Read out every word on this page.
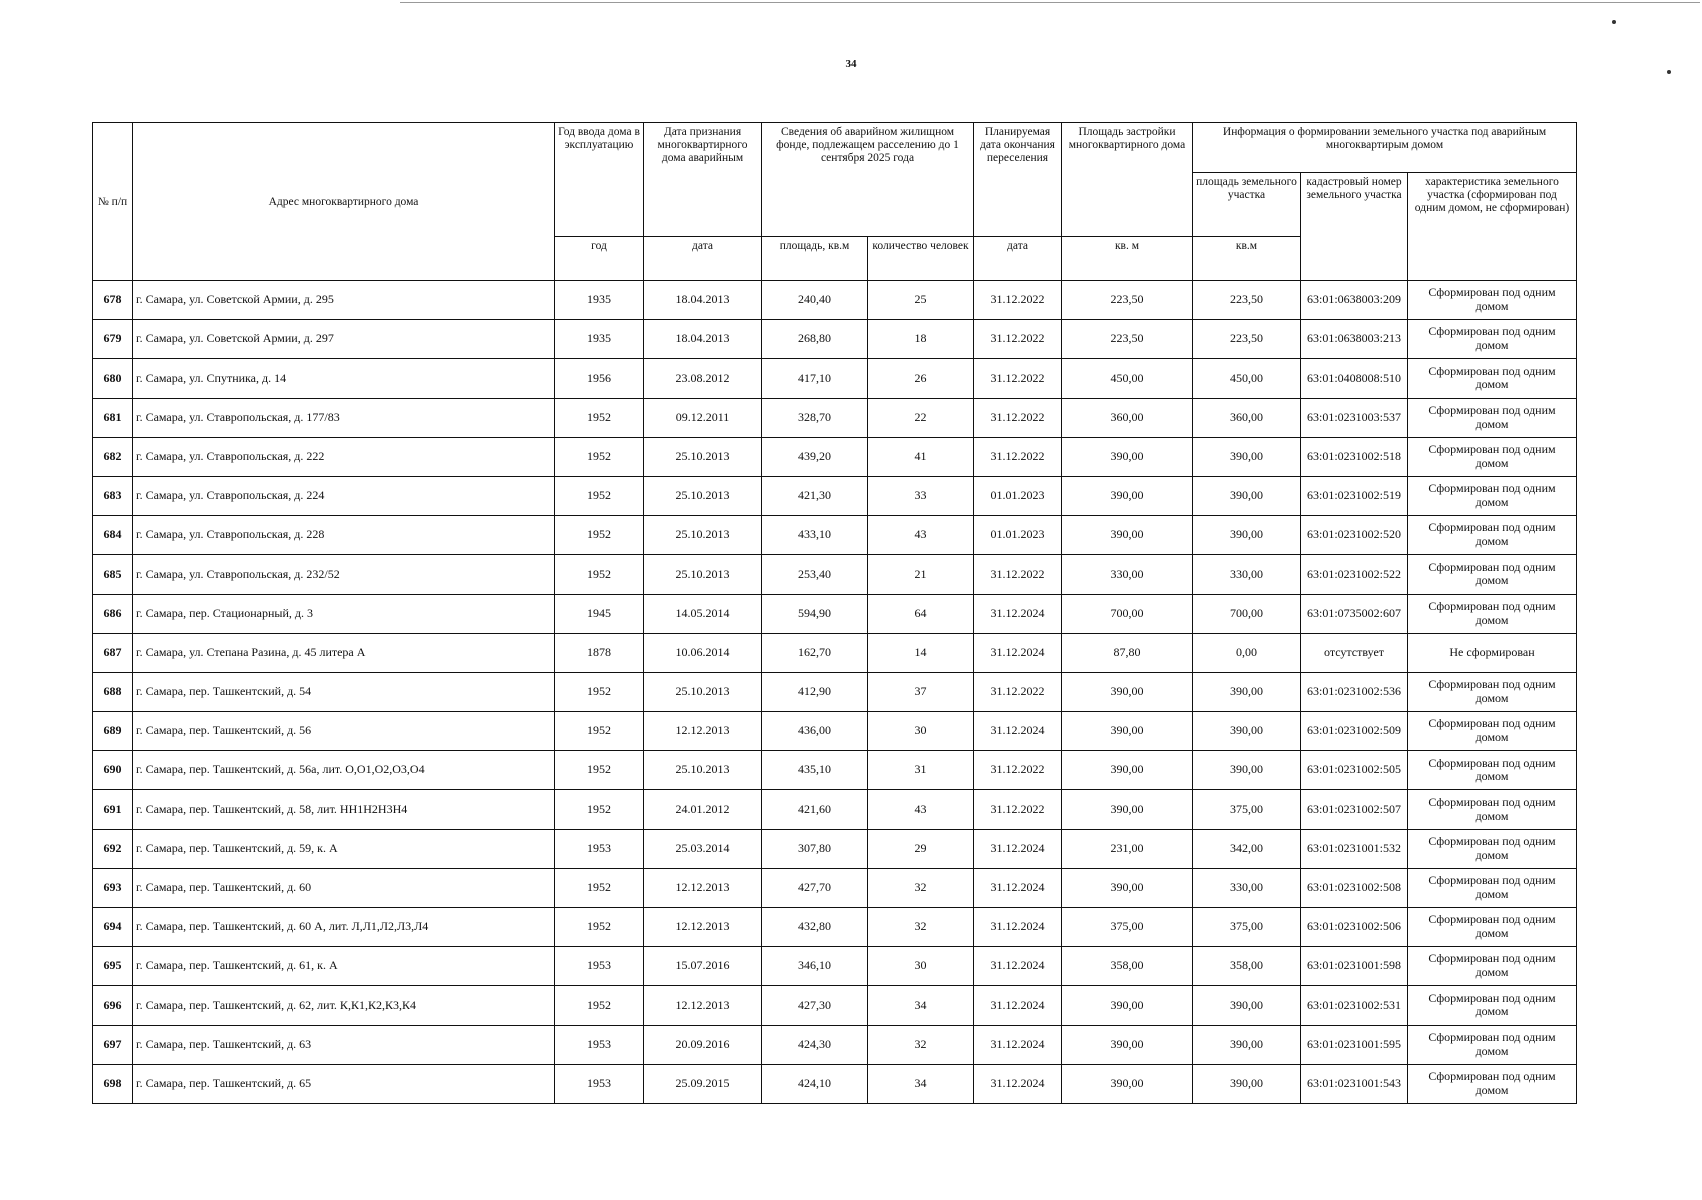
34
№ п/п	Адрес многоквартирного дома	Год ввода дома в эксплуатацию	Дата признания многоквартирного дома аварийным	Сведения об аварийном жилищном фонде, подлежащем расселению до 1 сентября 2025 года		Планируемая дата окончания переселения	Площадь застройки многоквартирного дома	Информация о формировании земельного участка под аварийным многоквартирым домом		
								площадь земельного участка	кадастровый номер земельного участка	характеристика земельного участка (сформирован под одним домом, не сформирован)
		год	дата	площадь, кв.м	количество человек	дата	кв. м	кв.м		
678	г. Самара, ул. Советской Армии, д. 295	1935	18.04.2013	240,40	25	31.12.2022	223,50	223,50	63:01:0638003:209	Сформирован под одним домом
679	г. Самара, ул. Советской Армии, д. 297	1935	18.04.2013	268,80	18	31.12.2022	223,50	223,50	63:01:0638003:213	Сформирован под одним домом
680	г. Самара, ул. Спутника, д. 14	1956	23.08.2012	417,10	26	31.12.2022	450,00	450,00	63:01:0408008:510	Сформирован под одним домом
681	г. Самара, ул. Ставропольская, д. 177/83	1952	09.12.2011	328,70	22	31.12.2022	360,00	360,00	63:01:0231003:537	Сформирован под одним домом
682	г. Самара, ул. Ставропольская, д. 222	1952	25.10.2013	439,20	41	31.12.2022	390,00	390,00	63:01:0231002:518	Сформирован под одним домом
683	г. Самара, ул. Ставропольская, д. 224	1952	25.10.2013	421,30	33	01.01.2023	390,00	390,00	63:01:0231002:519	Сформирован под одним домом
684	г. Самара, ул. Ставропольская, д. 228	1952	25.10.2013	433,10	43	01.01.2023	390,00	390,00	63:01:0231002:520	Сформирован под одним домом
685	г. Самара, ул. Ставропольская, д. 232/52	1952	25.10.2013	253,40	21	31.12.2022	330,00	330,00	63:01:0231002:522	Сформирован под одним домом
686	г. Самара, пер. Стационарный, д. 3	1945	14.05.2014	594,90	64	31.12.2024	700,00	700,00	63:01:0735002:607	Сформирован под одним домом
687	г. Самара, ул. Степана Разина, д. 45 литера А	1878	10.06.2014	162,70	14	31.12.2024	87,80	0,00	отсутствует	Не сформирован
688	г. Самара, пер. Ташкентский, д. 54	1952	25.10.2013	412,90	37	31.12.2022	390,00	390,00	63:01:0231002:536	Сформирован под одним домом
689	г. Самара, пер. Ташкентский, д. 56	1952	12.12.2013	436,00	30	31.12.2024	390,00	390,00	63:01:0231002:509	Сформирован под одним домом
690	г. Самара, пер. Ташкентский, д. 56а, лит. О,О1,О2,О3,О4	1952	25.10.2013	435,10	31	31.12.2022	390,00	390,00	63:01:0231002:505	Сформирован под одним домом
691	г. Самара, пер. Ташкентский, д. 58, лит. НН1Н2Н3Н4	1952	24.01.2012	421,60	43	31.12.2022	390,00	375,00	63:01:0231002:507	Сформирован под одним домом
692	г. Самара, пер. Ташкентский, д. 59, к. А	1953	25.03.2014	307,80	29	31.12.2024	231,00	342,00	63:01:0231001:532	Сформирован под одним домом
693	г. Самара, пер. Ташкентский, д. 60	1952	12.12.2013	427,70	32	31.12.2024	390,00	330,00	63:01:0231002:508	Сформирован под одним домом
694	г. Самара, пер. Ташкентский, д. 60 А, лит. Л,Л1,Л2,Л3,Л4	1952	12.12.2013	432,80	32	31.12.2024	375,00	375,00	63:01:0231002:506	Сформирован под одним домом
695	г. Самара, пер. Ташкентский, д. 61, к. А	1953	15.07.2016	346,10	30	31.12.2024	358,00	358,00	63:01:0231001:598	Сформирован под одним домом
696	г. Самара, пер. Ташкентский, д. 62, лит. К,К1,К2,К3,К4	1952	12.12.2013	427,30	34	31.12.2024	390,00	390,00	63:01:0231002:531	Сформирован под одним домом
697	г. Самара, пер. Ташкентский, д. 63	1953	20.09.2016	424,30	32	31.12.2024	390,00	390,00	63:01:0231001:595	Сформирован под одним домом
698	г. Самара, пер. Ташкентский, д. 65	1953	25.09.2015	424,10	34	31.12.2024	390,00	390,00	63:01:0231001:543	Сформирован под одним домом
